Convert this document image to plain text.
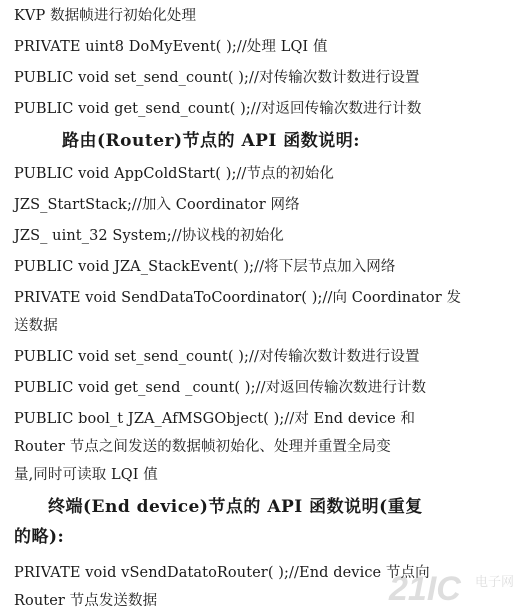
KVP 数据帧进行初始化处理
PRIVATE uint8 DoMyEvent( );//处理 LQI 值
PUBLIC void set_send_count( );//对传输次数计数进行设置
PUBLIC void get_send_count( );//对返回传输次数进行计数
路由(Router)节点的 API 函数说明:
PUBLIC void AppColdStart( );//节点的初始化
JZS_StartStack;//加入 Coordinator 网络
JZS_ uint_32 System;//协议栈的初始化
PUBLIC void JZA_StackEvent( );//将下层节点加入网络
PRIVATE void SendDataToCoordinator( );//向 Coordinator 发
送数据
PUBLIC void set_send_count( );//对传输次数计数进行设置
PUBLIC void get_send _count( );//对返回传输次数进行计数
PUBLIC bool_t JZA_AfMSGObject( );//对 End device 和
Router 节点之间发送的数据帧初始化、处理并重置全局变
量,同时可读取 LQI 值
终端(End device)节点的 API 函数说明(重复
的略):
PRIVATE void vSendDatatoRouter( );//End device 节点向
Router 节点发送数据	21IC 电子网
